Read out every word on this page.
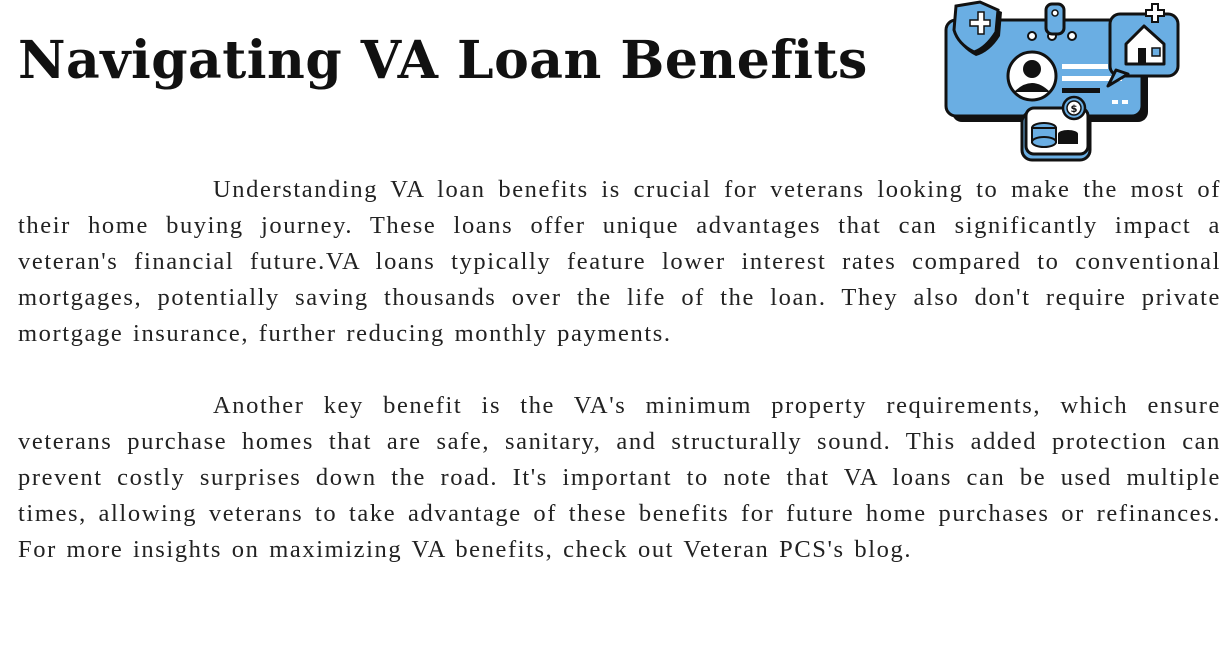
Navigating VA Loan Benefits
$

Understanding VA loan benefits is crucial for veterans looking to make the most of their home buying journey. These loans offer unique advantages that can significantly impact a veteran's financial future.VA loans typically feature lower interest rates compared to conventional mortgages, potentially saving thousands over the life of the loan. They also don't require private mortgage insurance, further reducing monthly payments.

Another key benefit is the VA's minimum property requirements, which ensure veterans purchase homes that are safe, sanitary, and structurally sound. This added protection can prevent costly surprises down the road. It's important to note that VA loans can be used multiple times, allowing veterans to take advantage of these benefits for future home purchases or refinances. For more insights on maximizing VA benefits, check out Veteran PCS's blog.
